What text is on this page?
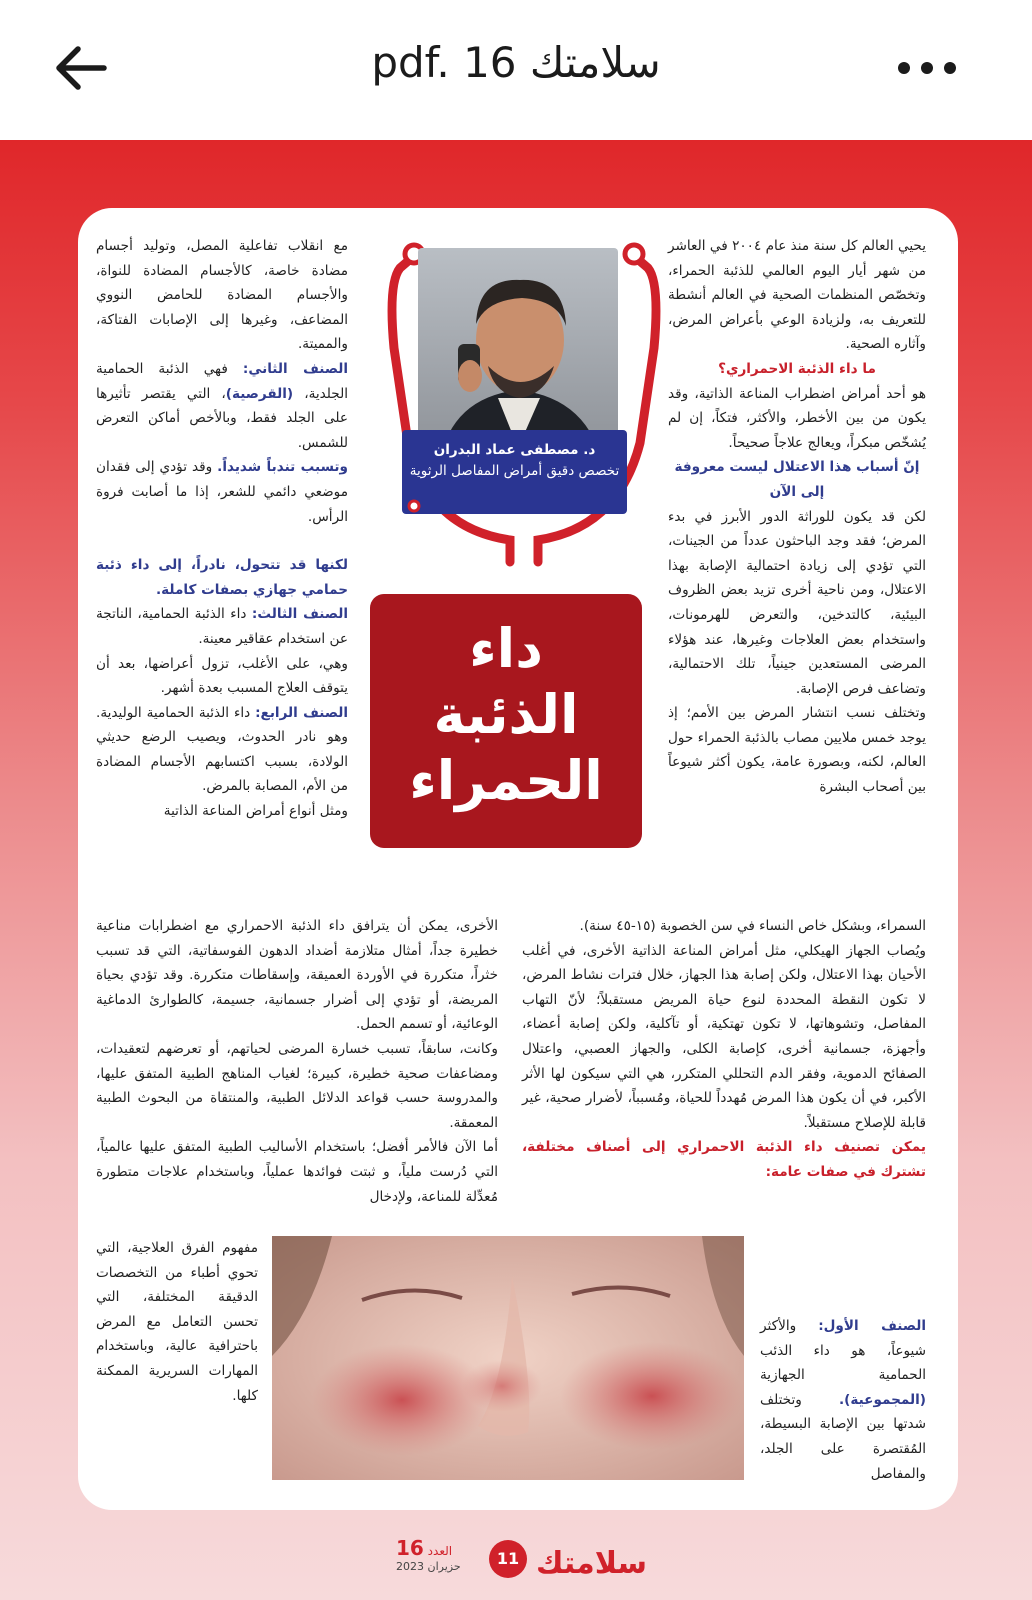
pdf. 16 سلامتك

يحيي العالم كل سنة منذ عام ٢٠٠٤ في العاشر من شهر أيار اليوم العالمي للذئبة الحمراء، وتخصّص المنظمات الصحية في العالم أنشطة للتعريف به، ولزيادة الوعي بأعراض المرض، وآثاره الصحية.

ما داء الذئبة الاحمراري؟

هو أحد أمراض اضطراب المناعة الذاتية، وقد يكون من بين الأخطر، والأكثر، فتكاً، إن لم يُشخّص مبكراً، ويعالج علاجاً صحيحاً.

إنّ أسباب هذا الاعتلال ليست معروفة إلى الآن

لكن قد يكون للوراثة الدور الأبرز في بدء المرض؛ فقد وجد الباحثون عدداً من الجينات، التي تؤدي إلى زيادة احتمالية الإصابة بهذا الاعتلال، ومن ناحية أخرى تزيد بعض الظروف البيئية، كالتدخين، والتعرض للهرمونات، واستخدام بعض العلاجات وغيرها، عند هؤلاء المرضى المستعدين جينياً، تلك الاحتمالية، وتضاعف فرص الإصابة.

وتختلف نسب انتشار المرض بين الأمم؛ إذ يوجد خمس ملايين مصاب بالذئبة الحمراء حول العالم، لكنه، وبصورة عامة، يكون أكثر شيوعاً بين أصحاب البشرة

السمراء، وبشكل خاص النساء في سن الخصوبة (١٥-٤٥ سنة).

ويُصاب الجهاز الهيكلي، مثل أمراض المناعة الذاتية الأخرى، في أغلب الأحيان بهذا الاعتلال، ولكن إصابة هذا الجهاز، خلال فترات نشاط المرض، لا تكون النقطة المحددة لنوع حياة المريض مستقبلاً؛ لأنّ التهاب المفاصل، وتشوهاتها، لا تكون تهتكية، أو تآكلية، ولكن إصابة أعضاء، وأجهزة، جسمانية أخرى، كإصابة الكلى، والجهاز العصبي، واعتلال الصفائح الدموية، وفقر الدم التحللي المتكرر، هي التي سيكون لها الأثر الأكبر، في أن يكون هذا المرض مُهدداً للحياة، ومُسبباً، لأضرار صحية، غير قابلة للإصلاح مستقبلاً.

يمكن تصنيف داء الذئبة الاحمراري إلى أصناف مختلفة، تشترك في صفات عامة:

الصنف الأول: والأكثر شيوعاً، هو داء الذئب الحمامية الجهازية (المجموعية). وتختلف شدتها بين الإصابة البسيطة، المُقتصرة على الجلد، والمفاصل

مع انقلاب تفاعلية المصل، وتوليد أجسام مضادة خاصة، كالأجسام المضادة للنواة، والأجسام المضادة للحامض النووي المضاعف، وغيرها إلى الإصابات الفتاكة، والمميتة.

الصنف الثاني: فهي الذئبة الحمامية الجلدية، (القرصية)، التي يقتصر تأثيرها على الجلد فقط، وبالأخص أماكن التعرض للشمس.

وتسبب تندباً شديداً. وقد تؤدي إلى فقدان موضعي دائمي للشعر، إذا ما أصابت فروة الرأس.

لكنها قد تتحول، نادراً، إلى داء ذئبة حمامي جهازي بصفات كاملة.

الصنف الثالث: داء الذئبة الحمامية، الناتجة عن استخدام عقاقير معينة.

وهي، على الأغلب، تزول أعراضها، بعد أن يتوقف العلاج المسبب بعدة أشهر.

الصنف الرابع: داء الذئبة الحمامية الوليدية. وهو نادر الحدوث، ويصيب الرضع حديثي الولادة، بسبب اكتسابهم الأجسام المضادة من الأم، المصابة بالمرض.

ومثل أنواع أمراض المناعة الذاتية

الأخرى، يمكن أن يترافق داء الذئبة الاحمراري مع اضطرابات مناعية خطيرة جداً، أمثال متلازمة أضداد الدهون الفوسفاتية، التي قد تسبب خثراً، متكررة في الأوردة العميقة، وإسقاطات متكررة. وقد تؤدي بحياة المريضة، أو تؤدي إلى أضرار جسمانية، جسيمة، كالطوارئ الدماغية الوعائية، أو تسمم الحمل.

وكانت، سابقاً، تسبب خسارة المرضى لحياتهم، أو تعرضهم لتعقيدات، ومضاعفات صحية خطيرة، كبيرة؛ لغياب المناهج الطبية المتفق عليها، والمدروسة حسب قواعد الدلائل الطبية، والمنتقاة من البحوث الطبية المعمقة.

أما الآن فالأمر أفضل؛ باستخدام الأساليب الطبية المتفق عليها عالمياً، التي دُرست ملياً، و ثبتت فوائدها عملياً، وباستخدام علاجات متطورة مُعدِّلة للمناعة، ولإدخال

مفهوم الفرق العلاجية، التي تحوي أطباء من التخصصات الدقيقة المختلفة، التي تحسن التعامل مع المرض باحترافية عالية، وباستخدام المهارات السريرية الممكنة كلها.

د. مصطفى عماد البدران
تخصص دقيق أمراض المفاصل الرثوية
داء
الذئبة
الحمراء
العدد 16
حزيران 2023	11 سلامتك
